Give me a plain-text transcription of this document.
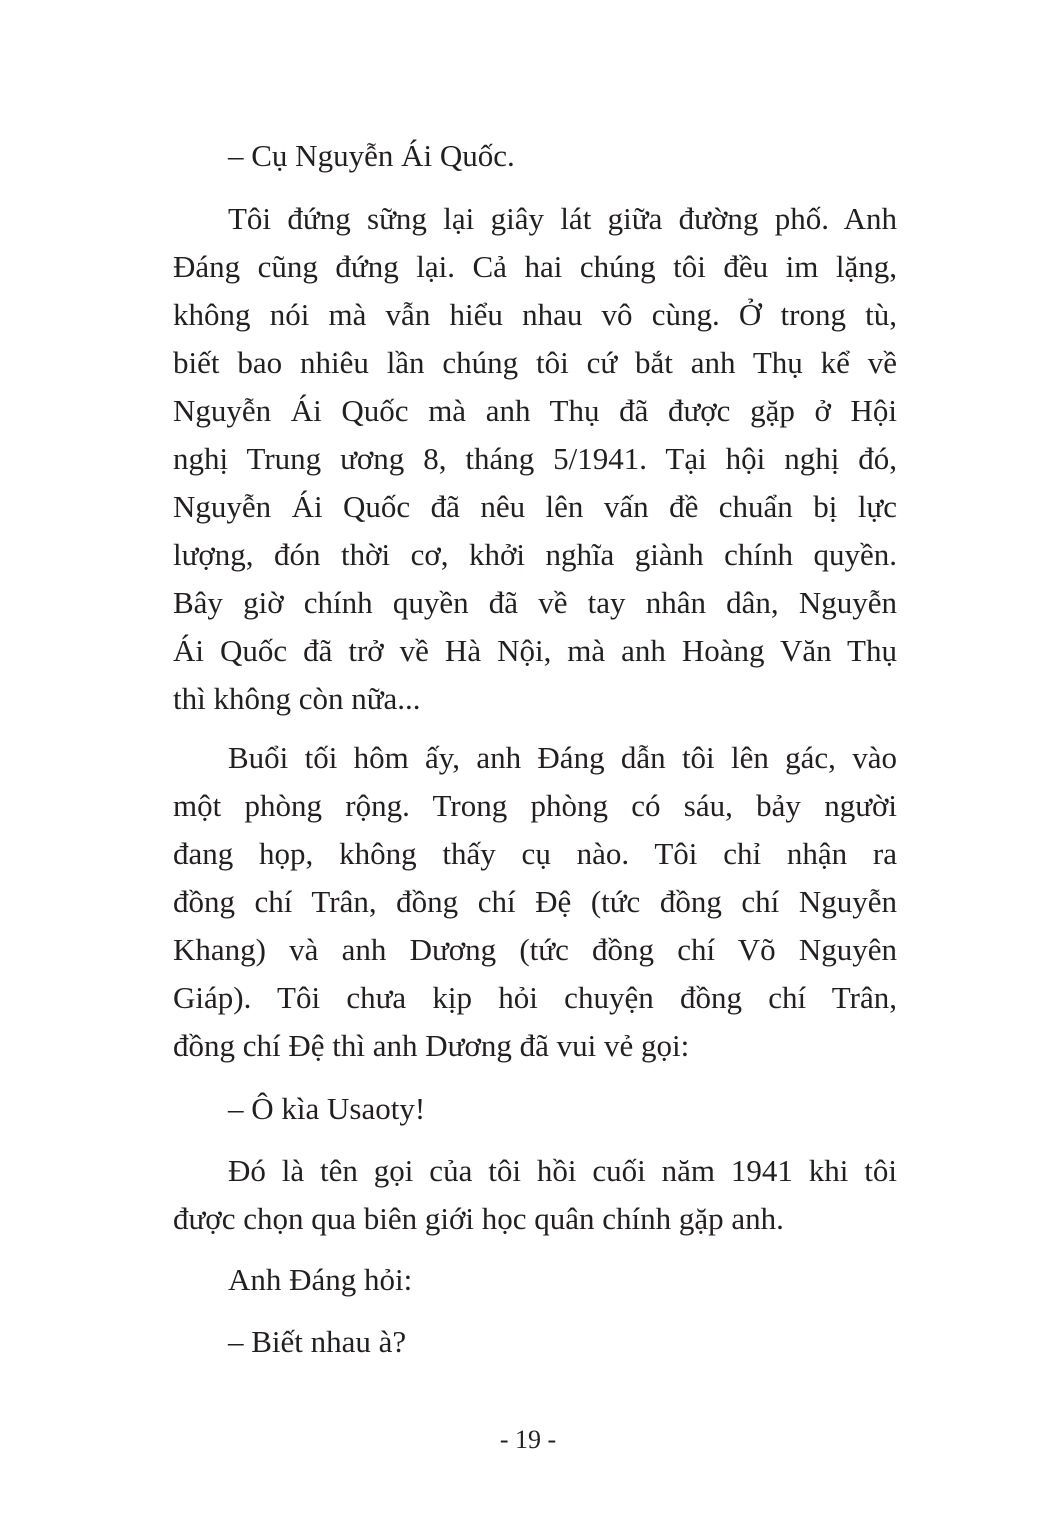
– Cụ Nguyễn Ái Quốc.
Tôi đứng sững lại giây lát giữa đường phố. Anh
Đáng cũng đứng lại. Cả hai chúng tôi đều im lặng,
không nói mà vẫn hiểu nhau vô cùng. Ở trong tù,
biết bao nhiêu lần chúng tôi cứ bắt anh Thụ kể về
Nguyễn Ái Quốc mà anh Thụ đã được gặp ở Hội
nghị Trung ương 8, tháng 5/1941. Tại hội nghị đó,
Nguyễn Ái Quốc đã nêu lên vấn đề chuẩn bị lực
lượng, đón thời cơ, khởi nghĩa giành chính quyền.
Bây giờ chính quyền đã về tay nhân dân, Nguyễn
Ái Quốc đã trở về Hà Nội, mà anh Hoàng Văn Thụ
thì không còn nữa...
Buổi tối hôm ấy, anh Đáng dẫn tôi lên gác, vào
một phòng rộng. Trong phòng có sáu, bảy người
đang họp, không thấy cụ nào. Tôi chỉ nhận ra
đồng chí Trân, đồng chí Đệ (tức đồng chí Nguyễn
Khang) và anh Dương (tức đồng chí Võ Nguyên
Giáp). Tôi chưa kịp hỏi chuyện đồng chí Trân,
đồng chí Đệ thì anh Dương đã vui vẻ gọi:
– Ô kìa Usaoty!
Đó là tên gọi của tôi hồi cuối năm 1941 khi tôi
được chọn qua biên giới học quân chính gặp anh.
Anh Đáng hỏi:
– Biết nhau à?
- 19 -
